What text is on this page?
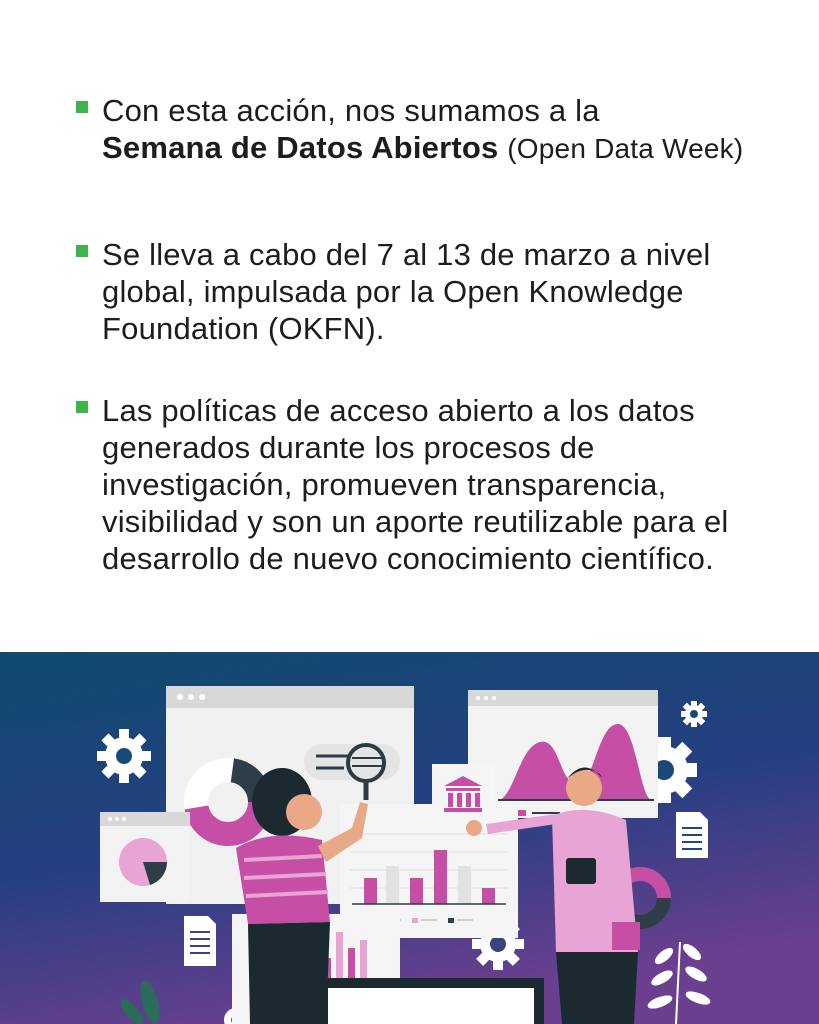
Con esta acción, nos sumamos a la
Semana de Datos Abiertos (Open Data Week)
Se lleva a cabo del 7 al 13 de marzo a nivel global, impulsada por la Open Knowledge Foundation (OKFN).
Las políticas de acceso abierto a los datos generados durante los procesos de investigación, promueven transparencia, visibilidad y son un aporte reutilizable para el desarrollo de nuevo conocimiento científico.
